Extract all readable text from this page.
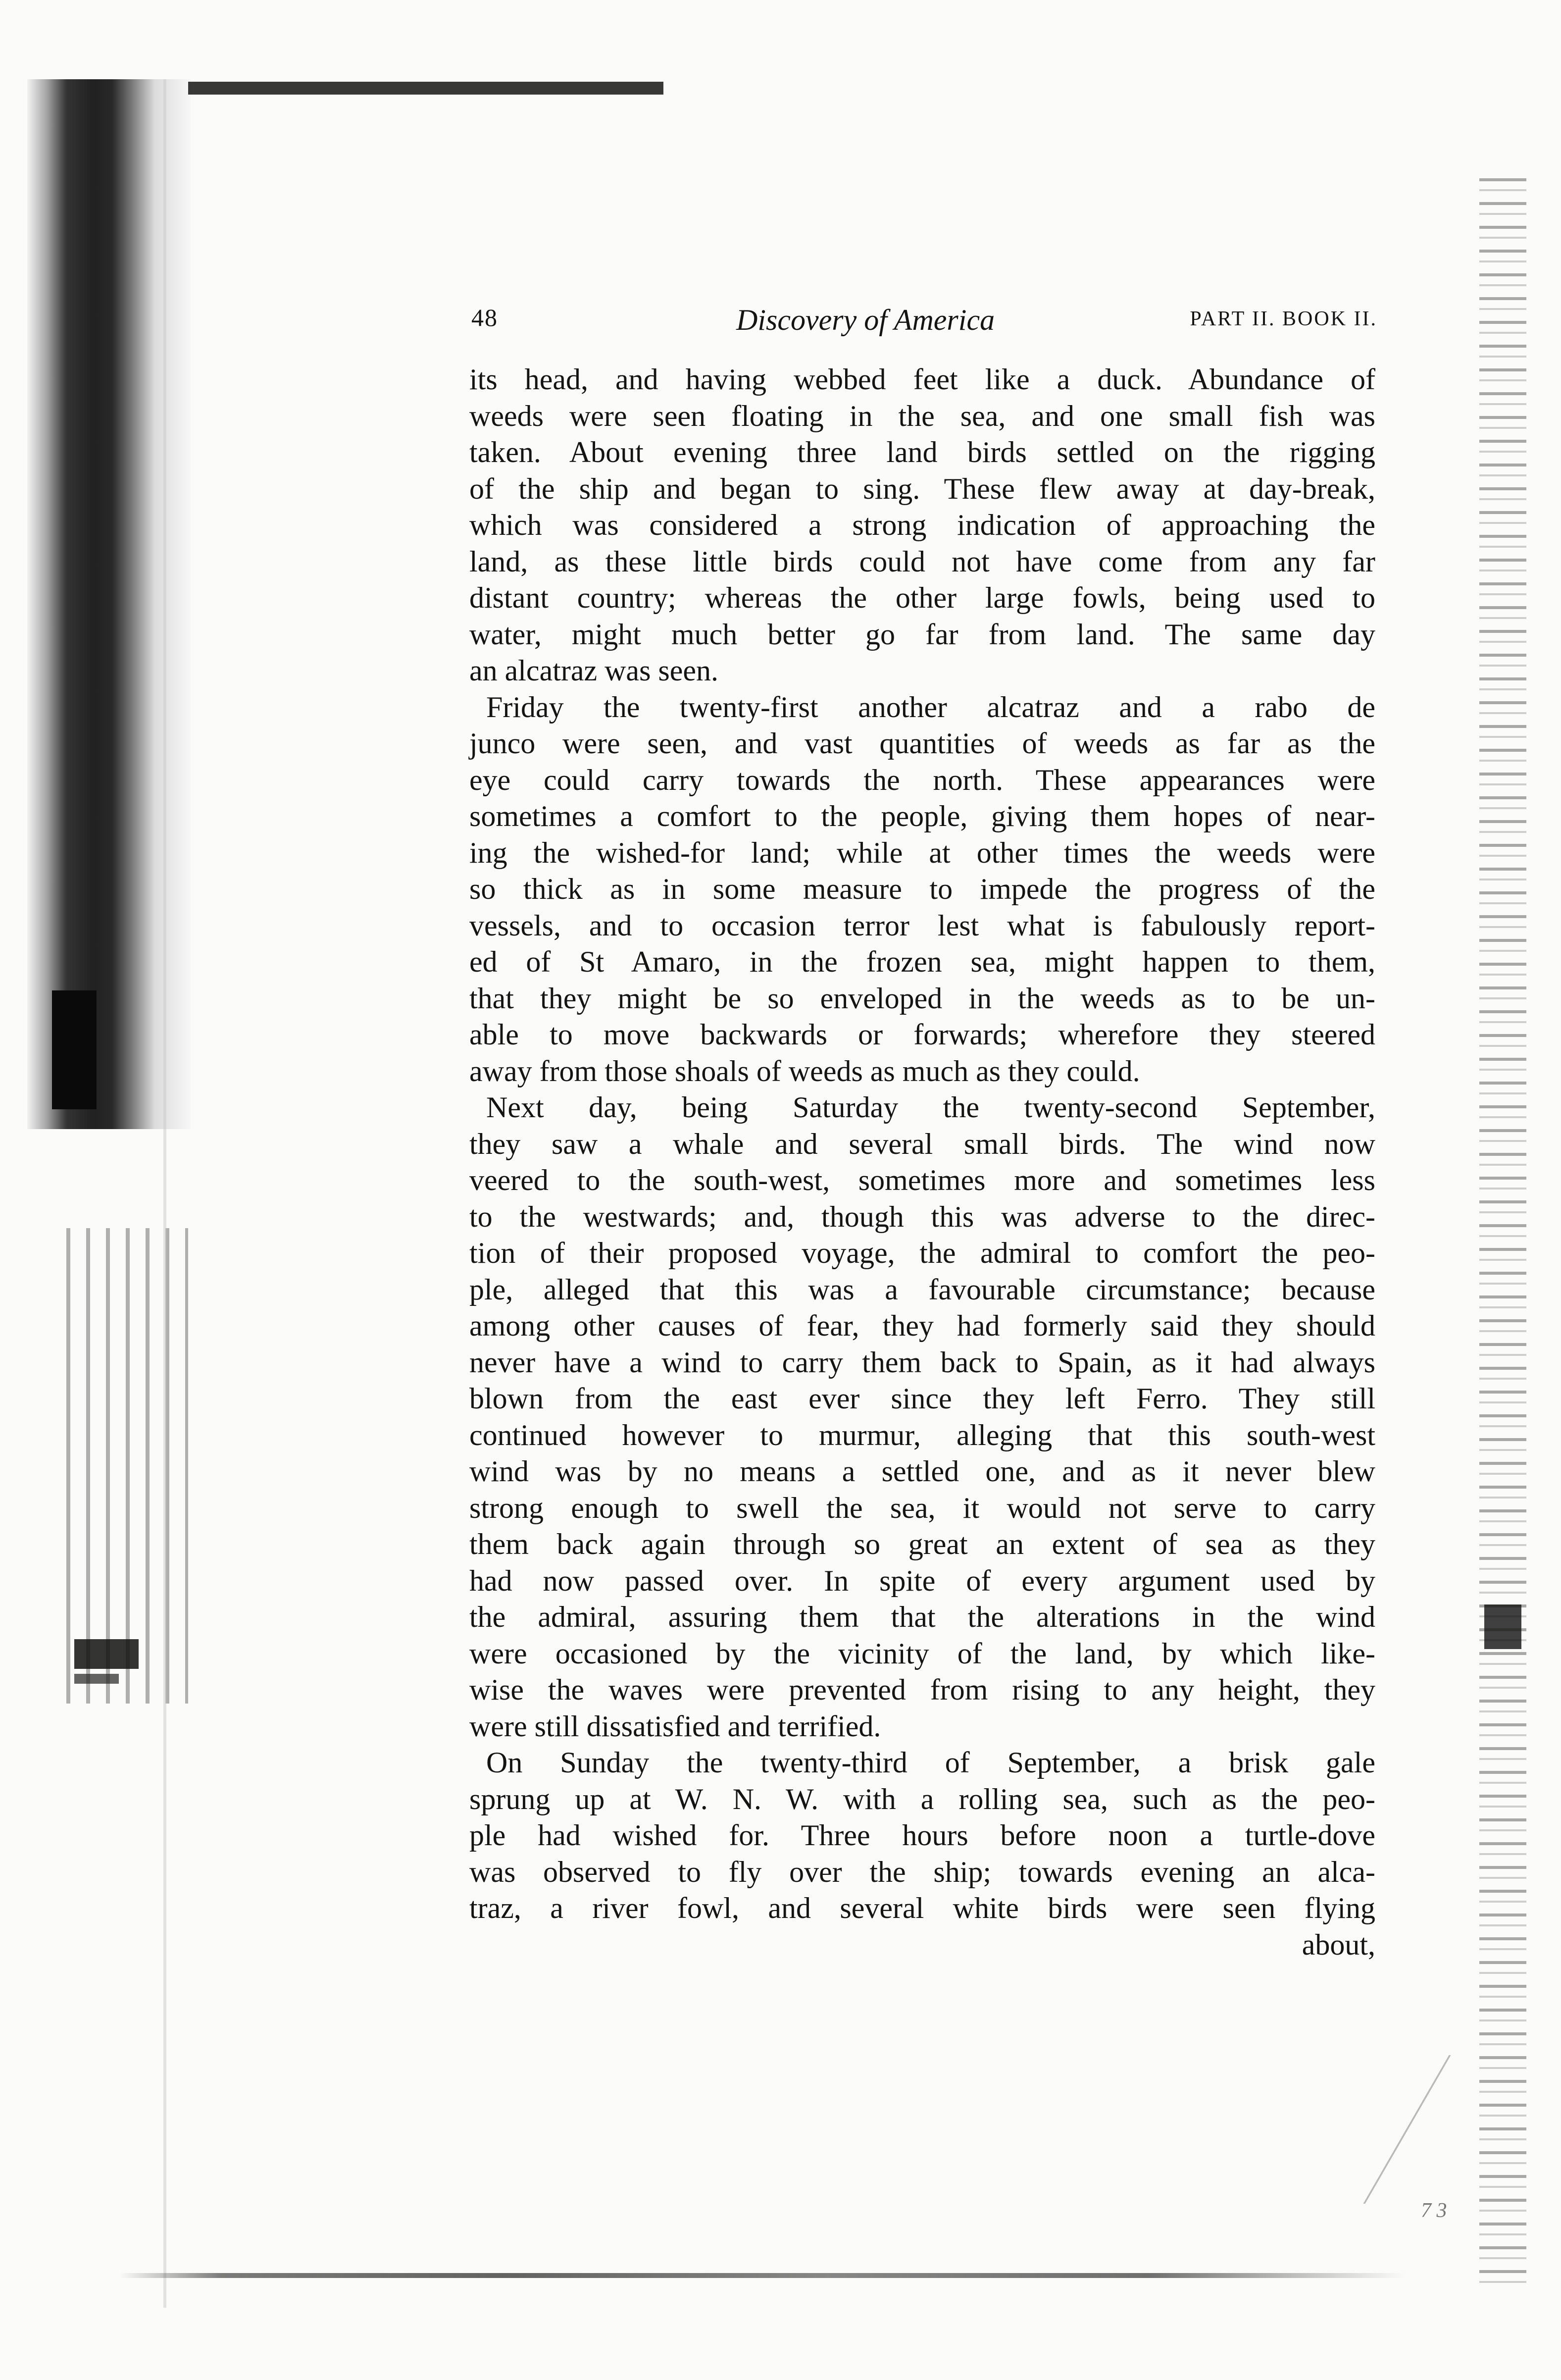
7 3
48	Discovery of America	PART II. BOOK II.
its head, and having webbed feet like a duck. Abundance of
weeds were seen floating in the sea, and one small fish was
taken. About evening three land birds settled on the rigging
of the ship and began to sing. These flew away at day-break,
which was considered a strong indication of approaching the
land, as these little birds could not have come from any far
distant country; whereas the other large fowls, being used to
water, might much better go far from land. The same day
an alcatraz was seen.
Friday the twenty-first another alcatraz and a rabo de
junco were seen, and vast quantities of weeds as far as the
eye could carry towards the north. These appearances were
sometimes a comfort to the people, giving them hopes of near-
ing the wished-for land; while at other times the weeds were
so thick as in some measure to impede the progress of the
vessels, and to occasion terror lest what is fabulously report-
ed of St Amaro, in the frozen sea, might happen to them,
that they might be so enveloped in the weeds as to be un-
able to move backwards or forwards; wherefore they steered
away from those shoals of weeds as much as they could.
Next day, being Saturday the twenty-second September,
they saw a whale and several small birds. The wind now
veered to the south-west, sometimes more and sometimes less
to the westwards; and, though this was adverse to the direc-
tion of their proposed voyage, the admiral to comfort the peo-
ple, alleged that this was a favourable circumstance; because
among other causes of fear, they had formerly said they should
never have a wind to carry them back to Spain, as it had always
blown from the east ever since they left Ferro. They still
continued however to murmur, alleging that this south-west
wind was by no means a settled one, and as it never blew
strong enough to swell the sea, it would not serve to carry
them back again through so great an extent of sea as they
had now passed over. In spite of every argument used by
the admiral, assuring them that the alterations in the wind
were occasioned by the vicinity of the land, by which like-
wise the waves were prevented from rising to any height, they
were still dissatisfied and terrified.
On Sunday the twenty-third of September, a brisk gale
sprung up at W. N. W. with a rolling sea, such as the peo-
ple had wished for. Three hours before noon a turtle-dove
was observed to fly over the ship; towards evening an alca-
traz, a river fowl, and several white birds were seen flying
about,
